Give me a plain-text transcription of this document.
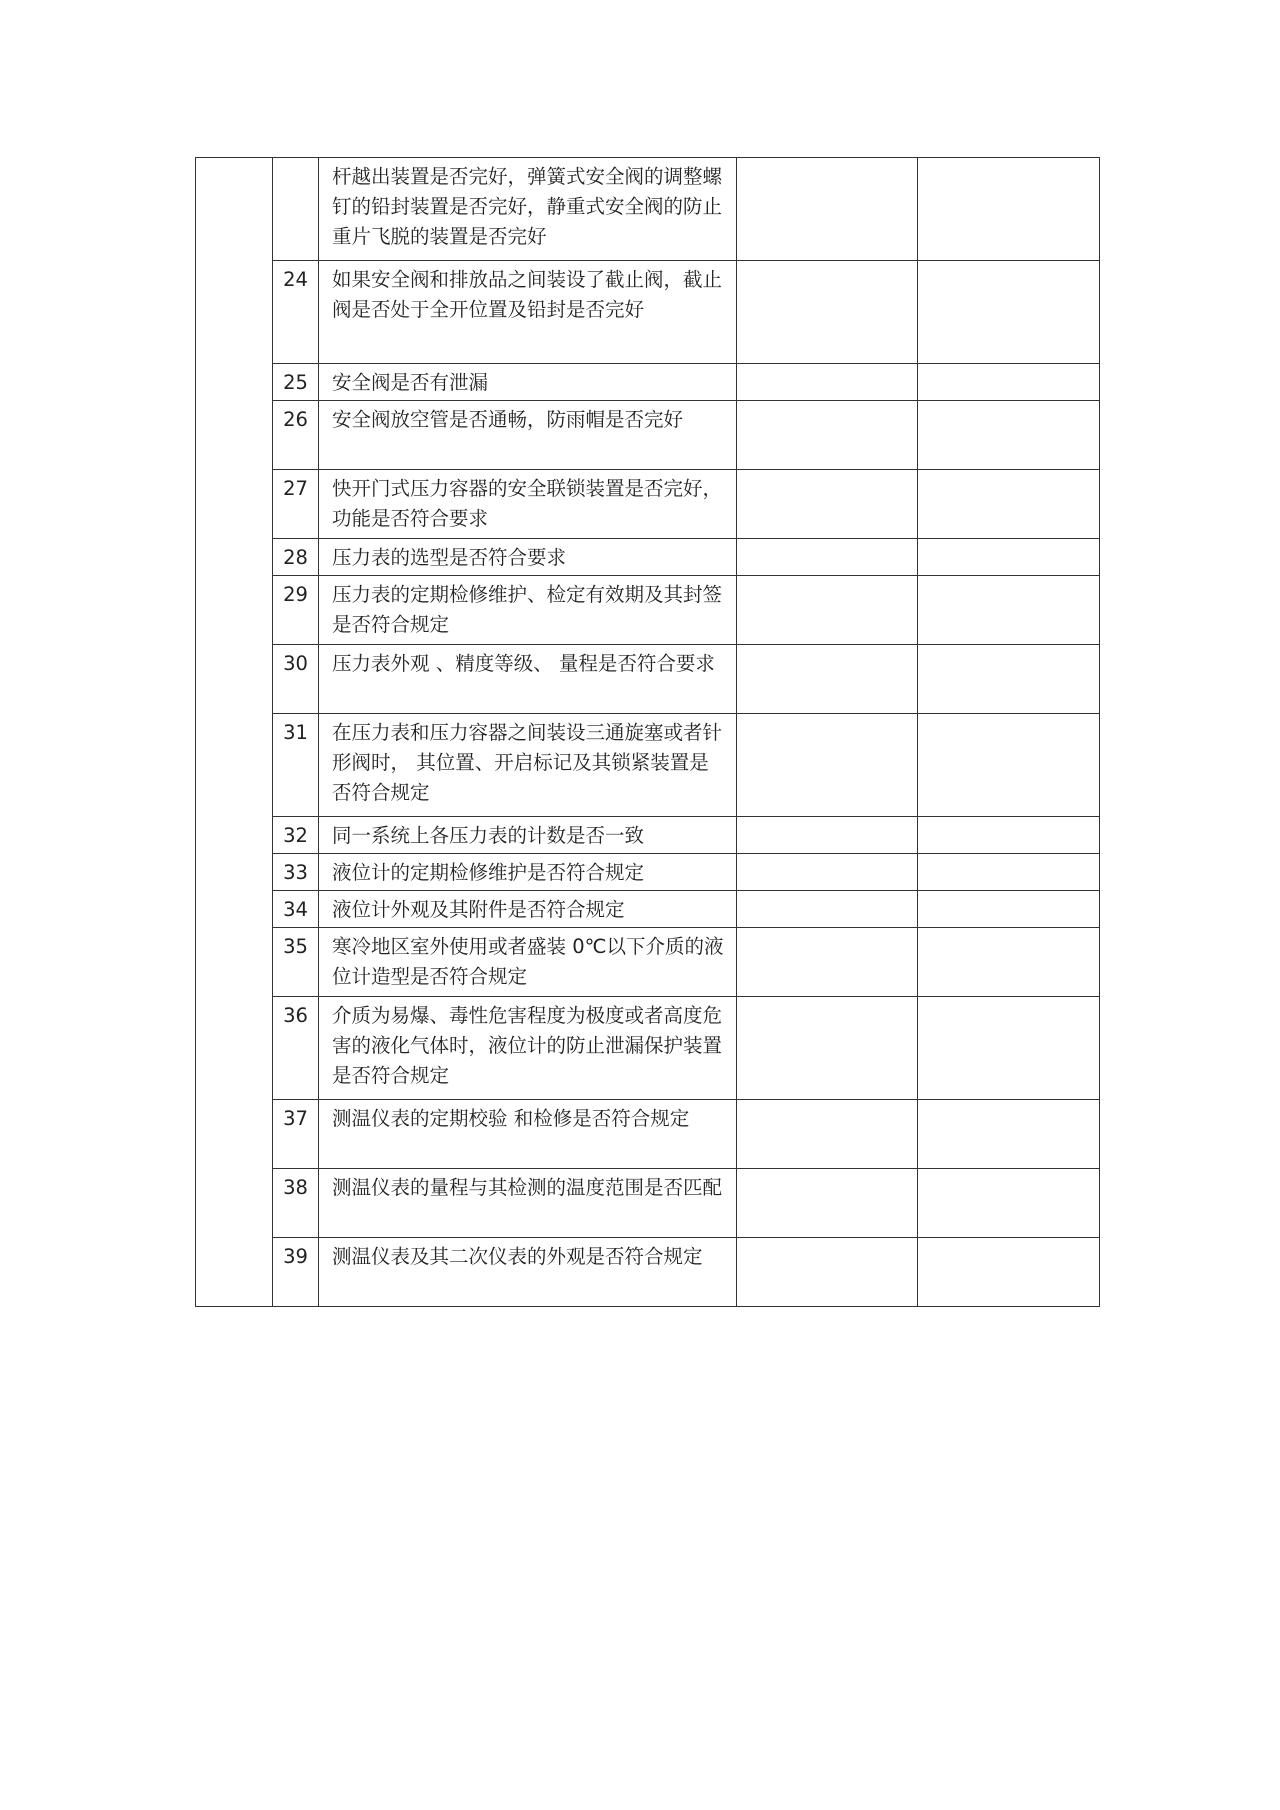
		杆越出装置是否完好，弹簧式安全阀的调整螺钉的铅封装置是否完好，静重式安全阀的防止重片飞脱的装置是否完好		
	24	如果安全阀和排放品之间装设了截止阀，截止阀是否处于全开位置及铅封是否完好		
	25	安全阀是否有泄漏		
	26	安全阀放空管是否通畅，防雨帽是否完好		
	27	快开门式压力容器的安全联锁装置是否完好，功能是否符合要求		
	28	压力表的选型是否符合要求		
	29	压力表的定期检修维护、检定有效期及其封签是否符合规定		
	30	压力表外观 、精度等级、 量程是否符合要求		
	31	在压力表和压力容器之间装设三通旋塞或者针形阀时， 其位置、开启标记及其锁紧装置是否符合规定		
	32	同一系统上各压力表的计数是否一致		
	33	液位计的定期检修维护是否符合规定		
	34	液位计外观及其附件是否符合规定		
	35	寒冷地区室外使用或者盛装 0℃以下介质的液位计造型是否符合规定		
	36	介质为易爆、毒性危害程度为极度或者高度危害的液化气体时，液位计的防止泄漏保护装置是否符合规定		
	37	测温仪表的定期校验 和检修是否符合规定		
	38	测温仪表的量程与其检测的温度范围是否匹配		
	39	测温仪表及其二次仪表的外观是否符合规定		
